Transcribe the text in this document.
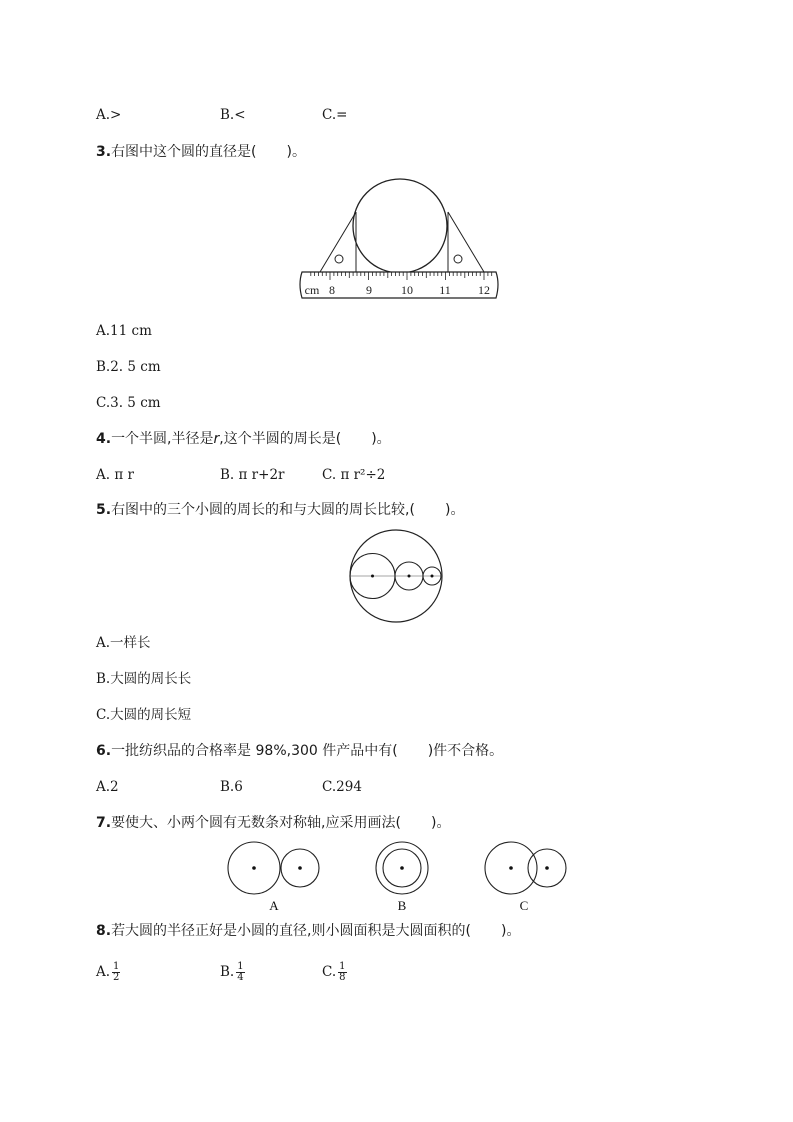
A.>	B.<	C.=
3.右图中这个圆的直径是( )。
cm 8	9 10 11 12
A.11 cm
B.2. 5 cm
C.3. 5 cm
4.一个半圆,半径是r,这个半圆的周长是( )。
A. π r	B. π r+2r	C. π r²÷2
5.右图中的三个小圆的周长的和与大圆的周长比较,( )。
A.一样长
B.大圆的周长长
C.大圆的周长短
6.一批纺织品的合格率是 98%,300 件产品中有( )件不合格。
A.2	B.6	C.294
7.要使大、小两个圆有无数条对称轴,应采用画法( )。
A	B	C
8.若大圆的半径正好是小圆的直径,则小圆面积是大圆面积的( )。
A. $\frac{1}{2}$	B. $\frac{1}{4}$	C. $\frac{1}{8}$
